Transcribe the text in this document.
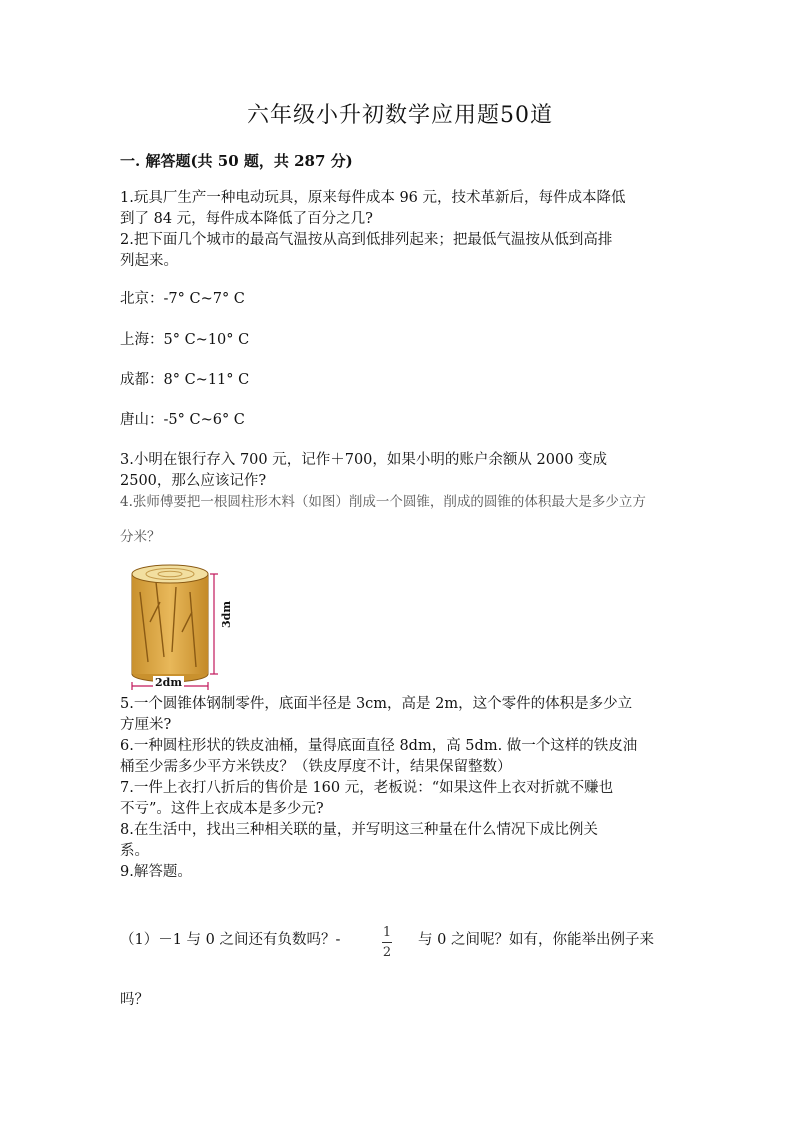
六年级小升初数学应用题50道
一. 解答题(共 50 题，共 287 分)
1.玩具厂生产一种电动玩具，原来每件成本 96 元，技术革新后，每件成本降低
到了 84 元，每件成本降低了百分之几?
2.把下面几个城市的最高气温按从高到低排列起来；把最低气温按从低到高排
列起来。
北京：-7° C~7° C
上海：5° C~10° C
成都：8° C~11° C
唐山：-5° C~6° C
3.小明在银行存入 700 元，记作＋700，如果小明的账户余额从 2000 变成
2500，那么应该记作?
4.张师傅要把一根圆柱形木料（如图）削成一个圆锥，削成的圆锥的体积最大是多少立方
分米？
3dm
2dm
5.一个圆锥体钢制零件，底面半径是 3cm，高是 2m，这个零件的体积是多少立
方厘米?
6.一种圆柱形状的铁皮油桶，量得底面直径 8dm，高 5dm. 做一个这样的铁皮油
桶至少需多少平方米铁皮？（铁皮厚度不计，结果保留整数）
7.一件上衣打八折后的售价是 160 元，老板说：“如果这件上衣对折就不赚也
不亏”。这件上衣成本是多少元?
8.在生活中，找出三种相关联的量，并写明这三种量在什么情况下成比例关
系。
9.解答题。
（1）－1 与 0 之间还有负数吗？-	1
2
与 0 之间呢？如有，你能举出例子来
吗？
